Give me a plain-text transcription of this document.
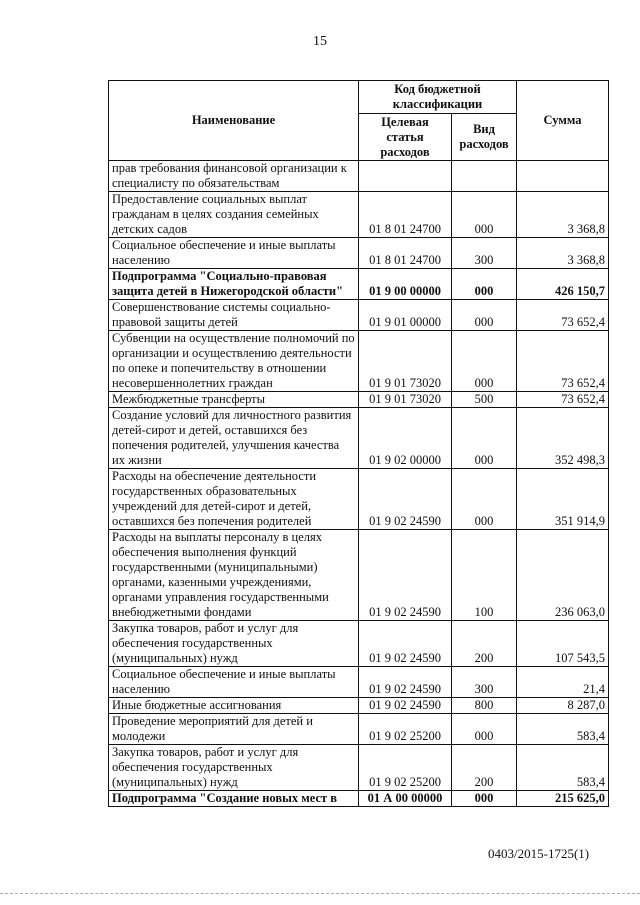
15
Наименование	Код бюджетной классификации		Сумма
	Целевая статья расходов	Вид расходов	
прав требования финансовой организации к специалисту по обязательствам			
Предоставление социальных выплат гражданам в целях создания семейных детских садов	01 8 01 24700	000	3 368,8
Социальное обеспечение и иные выплаты населению	01 8 01 24700	300	3 368,8
Подпрограмма "Социально-правовая защита детей в Нижегородской области"	01 9 00 00000	000	426 150,7
Совершенствование системы социально-правовой защиты детей	01 9 01 00000	000	73 652,4
Субвенции на осуществление полномочий по организации и осуществлению деятельности по опеке и попечительству в отношении несовершеннолетних граждан	01 9 01 73020	000	73 652,4
Межбюджетные трансферты	01 9 01 73020	500	73 652,4
Создание условий для личностного развития детей-сирот и детей, оставшихся без попечения родителей, улучшения качества их жизни	01 9 02 00000	000	352 498,3
Расходы на обеспечение деятельности государственных образовательных учреждений для детей-сирот и детей, оставшихся без попечения родителей	01 9 02 24590	000	351 914,9
Расходы на выплаты персоналу в целях обеспечения выполнения функций государственными (муниципальными) органами, казенными учреждениями, органами управления государственными внебюджетными фондами	01 9 02 24590	100	236 063,0
Закупка товаров, работ и услуг для обеспечения государственных (муниципальных) нужд	01 9 02 24590	200	107 543,5
Социальное обеспечение и иные выплаты населению	01 9 02 24590	300	21,4
Иные бюджетные ассигнования	01 9 02 24590	800	8 287,0
Проведение мероприятий для детей и молодежи	01 9 02 25200	000	583,4
Закупка товаров, работ и услуг для обеспечения государственных (муниципальных) нужд	01 9 02 25200	200	583,4
Подпрограмма "Создание новых мест в	01 А 00 00000	000	215 625,0
0403/2015-1725(1)
